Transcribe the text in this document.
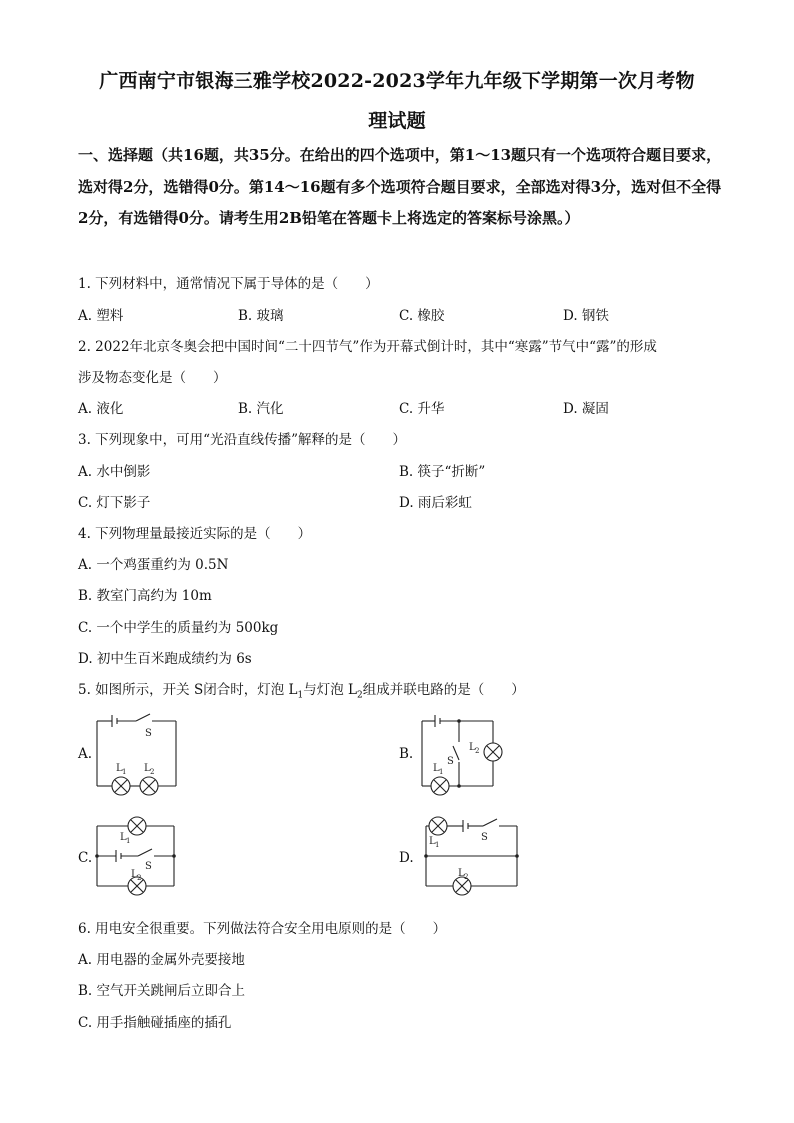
广西南宁市银海三雅学校2022-2023学年九年级下学期第一次月考物
理试题
一、选择题（共16题，共35分。在给出的四个选项中，第1～13题只有一个选项符合题目要求，选对得2分，选错得0分。第14～16题有多个选项符合题目要求，全部选对得3分，选对但不全得2分，有选错得0分。请考生用2B铅笔在答题卡上将选定的答案标号涂黑。）
1. 下列材料中，通常情况下属于导体的是（　　）
A. 塑料	B. 玻璃	C. 橡胶	D. 钢铁
2. 2022年北京冬奥会把中国时间“二十四节气”作为开幕式倒计时，其中“寒露”节气中“露”的形成
涉及物态变化是（　　）
A. 液化	B. 汽化	C. 升华	D. 凝固
3. 下列现象中，可用“光沿直线传播”解释的是（　　）
A. 水中倒影	B. 筷子“折断”
C. 灯下影子	D. 雨后彩虹
4. 下列物理量最接近实际的是（　　）
A. 一个鸡蛋重约为 0.5N
B. 教室门高约为 10m
C. 一个中学生的质量约为 500kg
D. 初中生百米跑成绩约为 6s
5. 如图所示，开关 S闭合时，灯泡 $L_1$与灯泡 $L_2$组成并联电路的是（　　）
A.	B.
C.	D.
S
L 1 L 2
S
L 2
L 1
S
L 1
L 2
S
L 1
L 2
6. 用电安全很重要。下列做法符合安全用电原则的是（　　）
A. 用电器的金属外壳要接地
B. 空气开关跳闸后立即合上
C. 用手指触碰插座的插孔
